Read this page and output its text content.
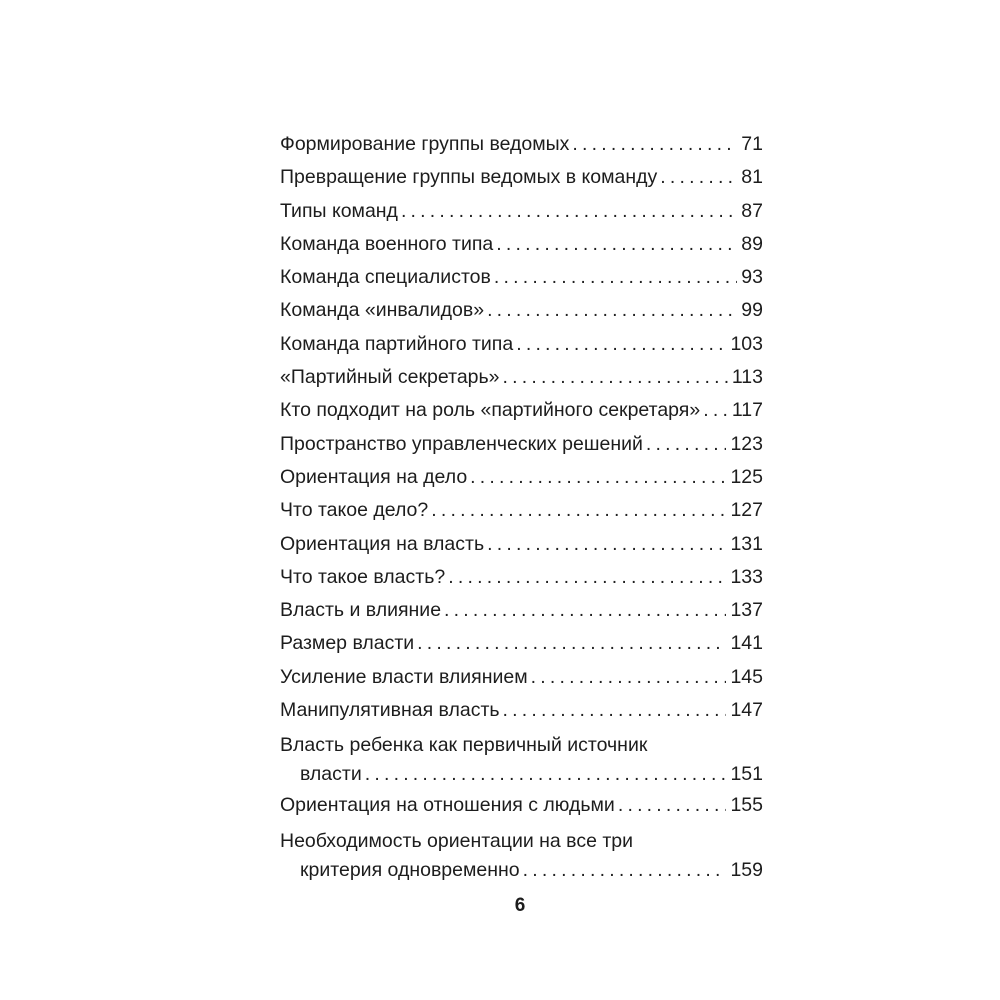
Формирование группы ведомых .....	71
Превращение группы ведомых в команду .....	81
Типы команд .....	87
Команда военного типа .....	89
Команда специалистов .....	93
Команда «инвалидов» .....	99
Команда партийного типа .....	103
«Партийный секретарь» .....	113
Кто подходит на роль «партийного секретаря» ..... 117
Пространство управленческих решений .....	123
Ориентация на дело .....	125
Что такое дело? .....	127
Ориентация на власть .....	131
Что такое власть? .....	133
Власть и влияние .....	137
Размер власти .....	141
Усиление власти влиянием .....	145
Манипулятивная власть .....	147
Власть ребенка как первичный источник
власти .....	151
Ориентация на отношения с людьми .....	155
Необходимость ориентации на все три
критерия одновременно .....	159
6
